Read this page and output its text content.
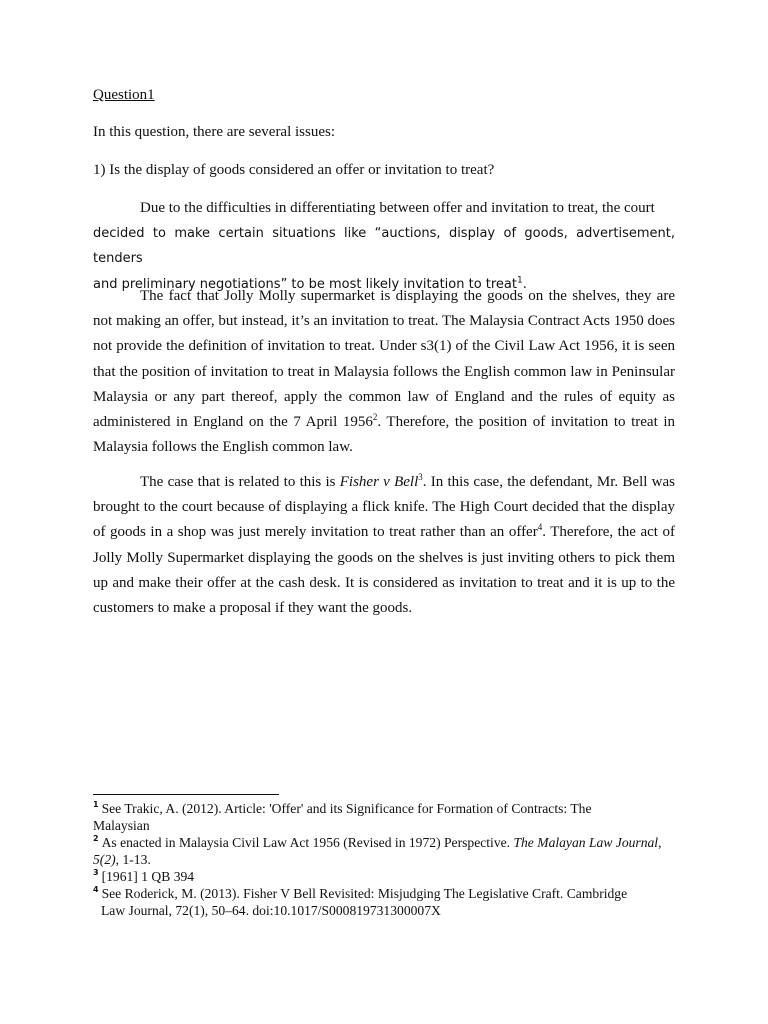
Question1
In this question, there are several issues:
1) Is the display of goods considered an offer or invitation to treat?
Due to the difficulties in differentiating between offer and invitation to treat, the court
decided to make certain situations like “auctions, display of goods, advertisement, tenders
and preliminary negotiations” to be most likely invitation to treat$^1$.

The fact that Jolly Molly supermarket is displaying the goods on the shelves, they are not making an offer, but instead, it’s an invitation to treat. The Malaysia Contract Acts 1950 does not provide the definition of invitation to treat. Under s3(1) of the Civil Law Act 1956, it is seen that the position of invitation to treat in Malaysia follows the English common law in Peninsular Malaysia or any part thereof, apply the common law of England and the rules of equity as administered in England on the 7 April 1956$^2$. Therefore, the position of invitation to treat in Malaysia follows the English common law.

The case that is related to this is Fisher v Bell$^3$. In this case, the defendant, Mr. Bell was brought to the court because of displaying a flick knife. The High Court decided that the display of goods in a shop was just merely invitation to treat rather than an offer$^4$. Therefore, the act of Jolly Molly Supermarket displaying the goods on the shelves is just inviting others to pick them up and make their offer at the cash desk. It is considered as invitation to treat and it is up to the customers to make a proposal if they want the goods.

$^1$ See Trakic, A. (2012). Article: 'Offer' and its Significance for Formation of Contracts: The

Malaysian

$^2$ As enacted in Malaysia Civil Law Act 1956 (Revised in 1972) Perspective. The Malayan Law Journal, 5(2), 1-13.

$^3$ [1961] 1 QB 394

$^4$ See Roderick, M. (2013). Fisher V Bell Revisited: Misjudging The Legislative Craft. Cambridge

Law Journal, 72(1), 50–64. doi:10.1017/S000819731300007X
